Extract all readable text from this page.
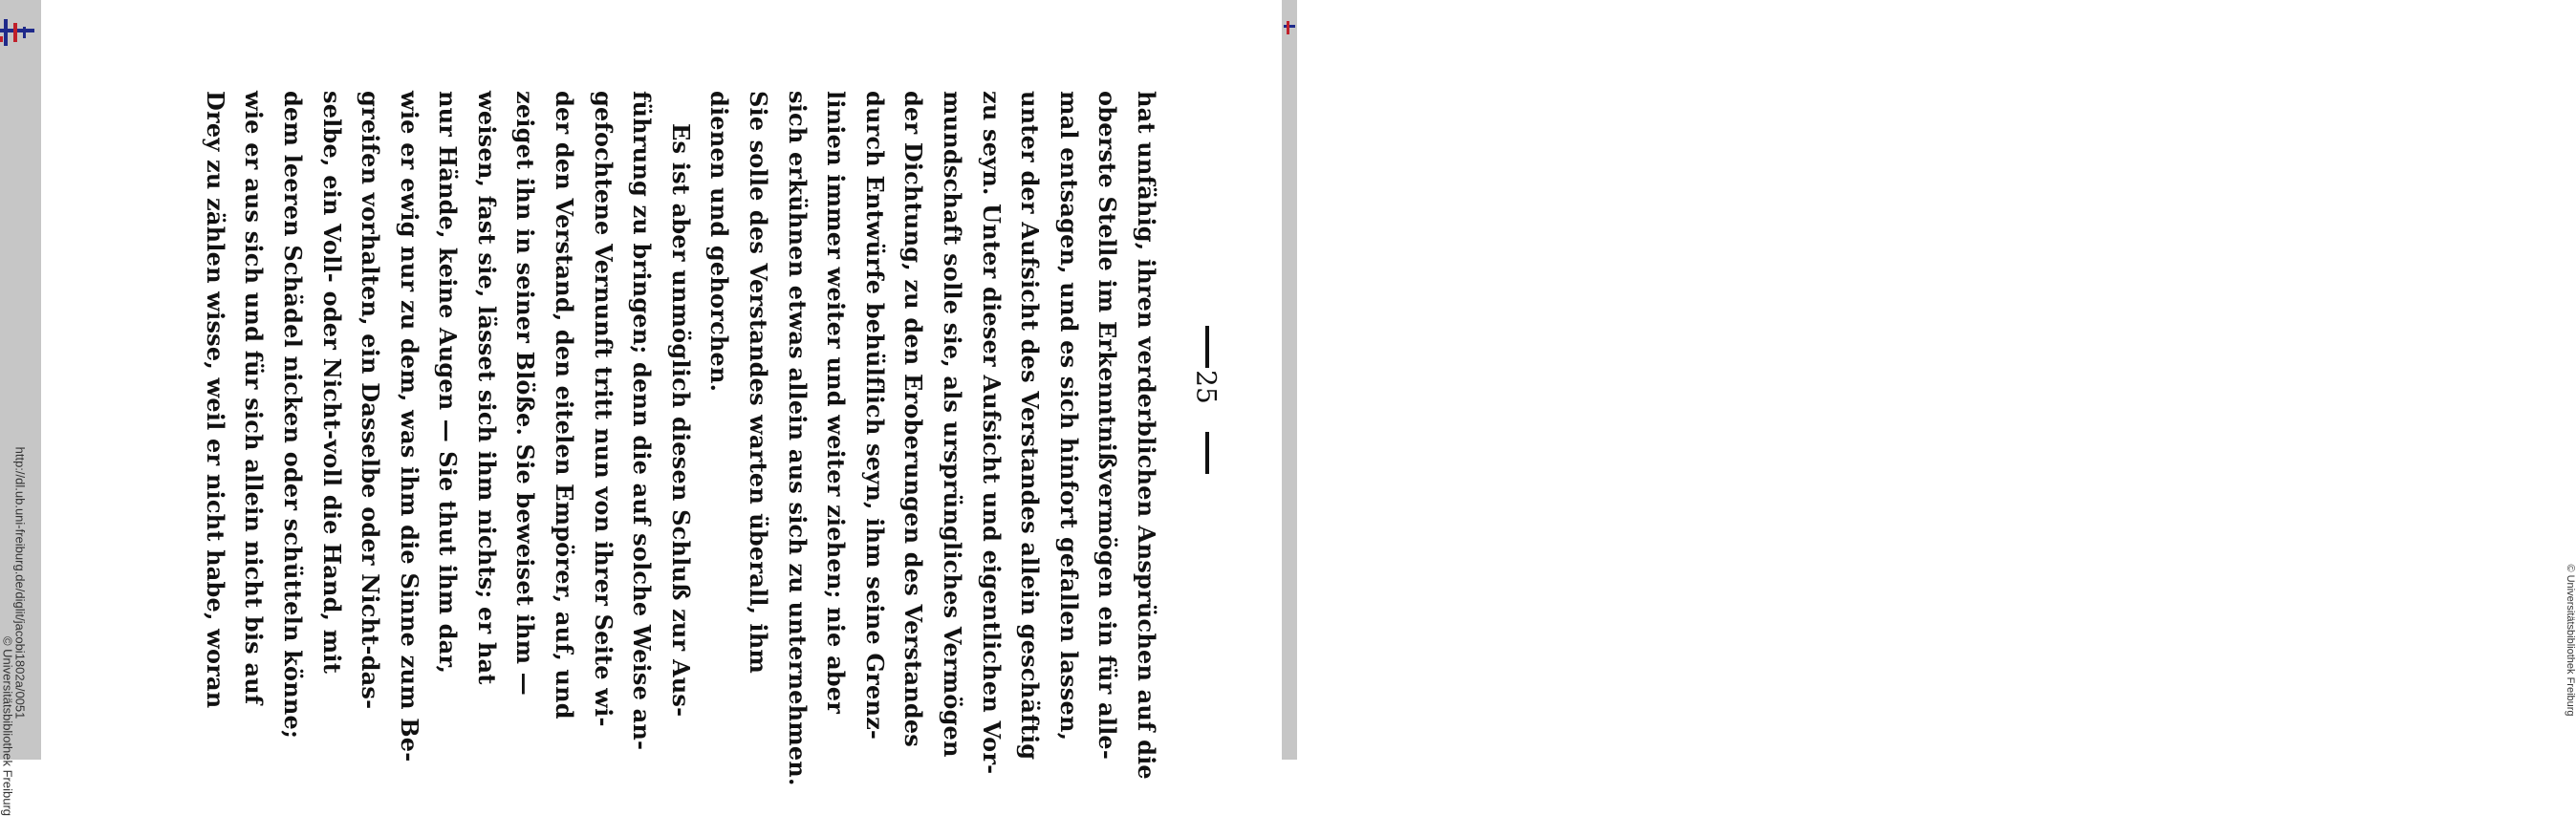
http://dl.ub.uni-freiburg.de/diglit/jacobi1802a/0051
© Universitätsbibliothek Freiburg
25
hat unfähig, ihren verderblichen Ansprüchen auf die
oberste Stelle im Erkenntnißvermögen ein für alle-
mal entsagen, und es sich hinfort gefallen lassen,
unter der Aufsicht des Verstandes allein geschäftig
zu seyn. Unter dieser Aufsicht und eigentlichen Vor-
mundschaft solle sie, als ursprüngliches Vermögen
der Dichtung, zu den Eroberungen des Verstandes
durch Entwürfe behülflich seyn, ihm seine Grenz-
linien immer weiter und weiter ziehen; nie aber
sich erkühnen etwas allein aus sich zu unternehmen.
Sie solle des Verstandes warten überall, ihm
dienen und gehorchen.
Es ist aber unmöglich diesen Schluß zur Aus-
führung zu bringen; denn die auf solche Weise an-
gefochtene Vernunft tritt nun von ihrer Seite wi-
der den Verstand, den eitelen Empörer, auf, und
zeiget ihn in seiner Blöße. Sie beweiset ihm —
weisen, fast sie, lässet sich ihm nichts; er hat
nur Hände, keine Augen — Sie thut ihm dar,
wie er ewig nur zu dem, was ihm die Sinne zum Be-
greifen vorhalten, ein Dasselbe oder Nicht-das-
selbe, ein Voll- oder Nicht-voll die Hand, mit
dem leeren Schädel nicken oder schütteln könne;
wie er aus sich und für sich allein nicht bis auf
Drey zu zählen wisse, weil er nicht habe, woran	© Universitätsbibliothek Freiburg
